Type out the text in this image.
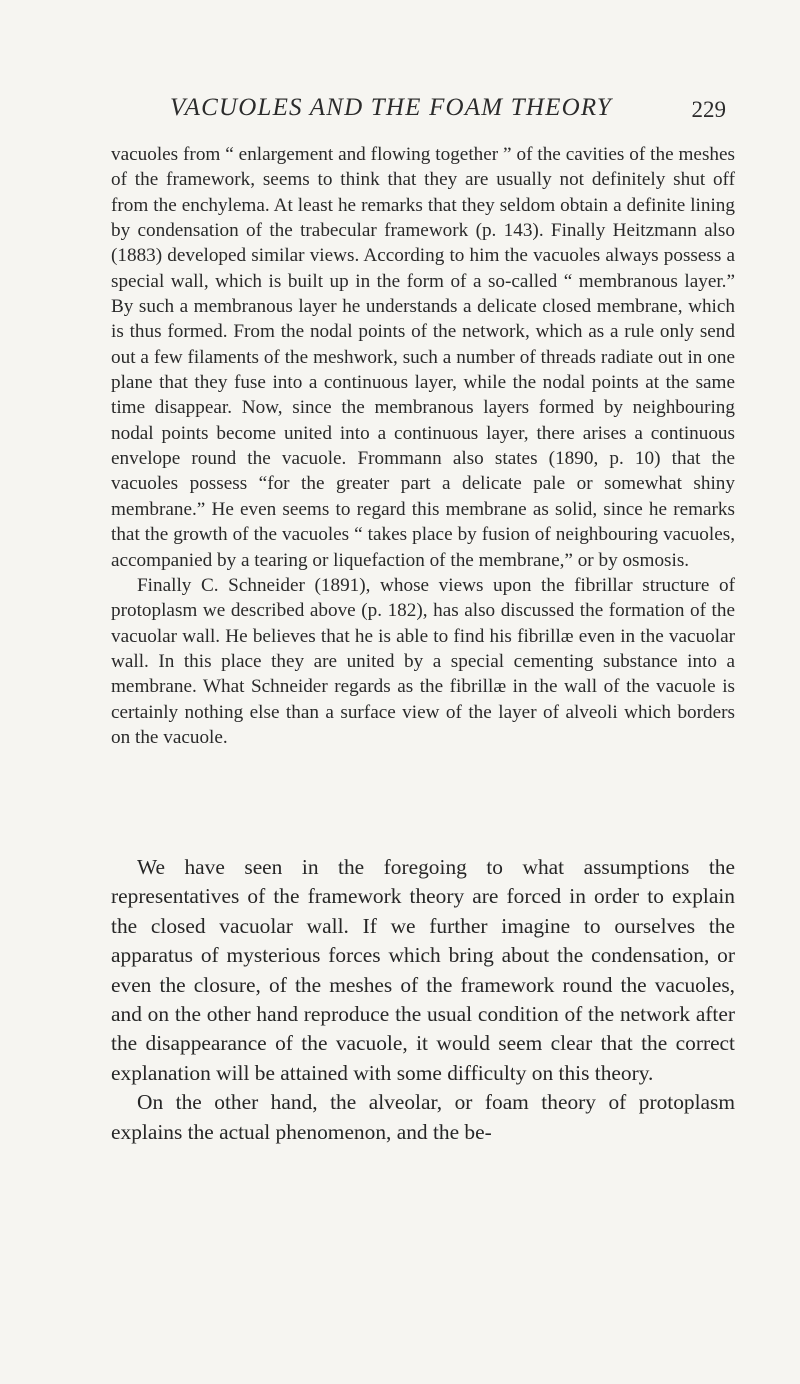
VACUOLES AND THE FOAM THEORY	229

vacuoles from “ enlargement and flowing together ” of the cavities of the meshes of the framework, seems to think that they are usually not definitely shut off from the enchylema. At least he remarks that they seldom obtain a definite lining by condensation of the trabecular framework (p. 143). Finally Heitzmann also (1883) developed similar views. According to him the vacuoles always possess a special wall, which is built up in the form of a so-called “ membranous layer.” By such a membranous layer he understands a delicate closed membrane, which is thus formed. From the nodal points of the network, which as a rule only send out a few filaments of the meshwork, such a number of threads radiate out in one plane that they fuse into a continuous layer, while the nodal points at the same time disappear. Now, since the membranous layers formed by neighbouring nodal points become united into a continuous layer, there arises a continuous envelope round the vacuole. Frommann also states (1890, p. 10) that the vacuoles possess “for the greater part a delicate pale or somewhat shiny membrane.” He even seems to regard this membrane as solid, since he remarks that the growth of the vacuoles “ takes place by fusion of neighbouring vacuoles, accompanied by a tearing or liquefaction of the membrane,” or by osmosis.

Finally C. Schneider (1891), whose views upon the fibrillar structure of protoplasm we described above (p. 182), has also discussed the formation of the vacuolar wall. He believes that he is able to find his fibrillæ even in the vacuolar wall. In this place they are united by a special cementing substance into a membrane. What Schneider regards as the fibrillæ in the wall of the vacuole is certainly nothing else than a surface view of the layer of alveoli which borders on the vacuole.

We have seen in the foregoing to what assumptions the representatives of the framework theory are forced in order to explain the closed vacuolar wall. If we further imagine to ourselves the apparatus of mysterious forces which bring about the condensation, or even the closure, of the meshes of the framework round the vacuoles, and on the other hand reproduce the usual condition of the network after the disappearance of the vacuole, it would seem clear that the correct explanation will be attained with some difficulty on this theory.

On the other hand, the alveolar, or foam theory of protoplasm explains the actual phenomenon, and the be-
